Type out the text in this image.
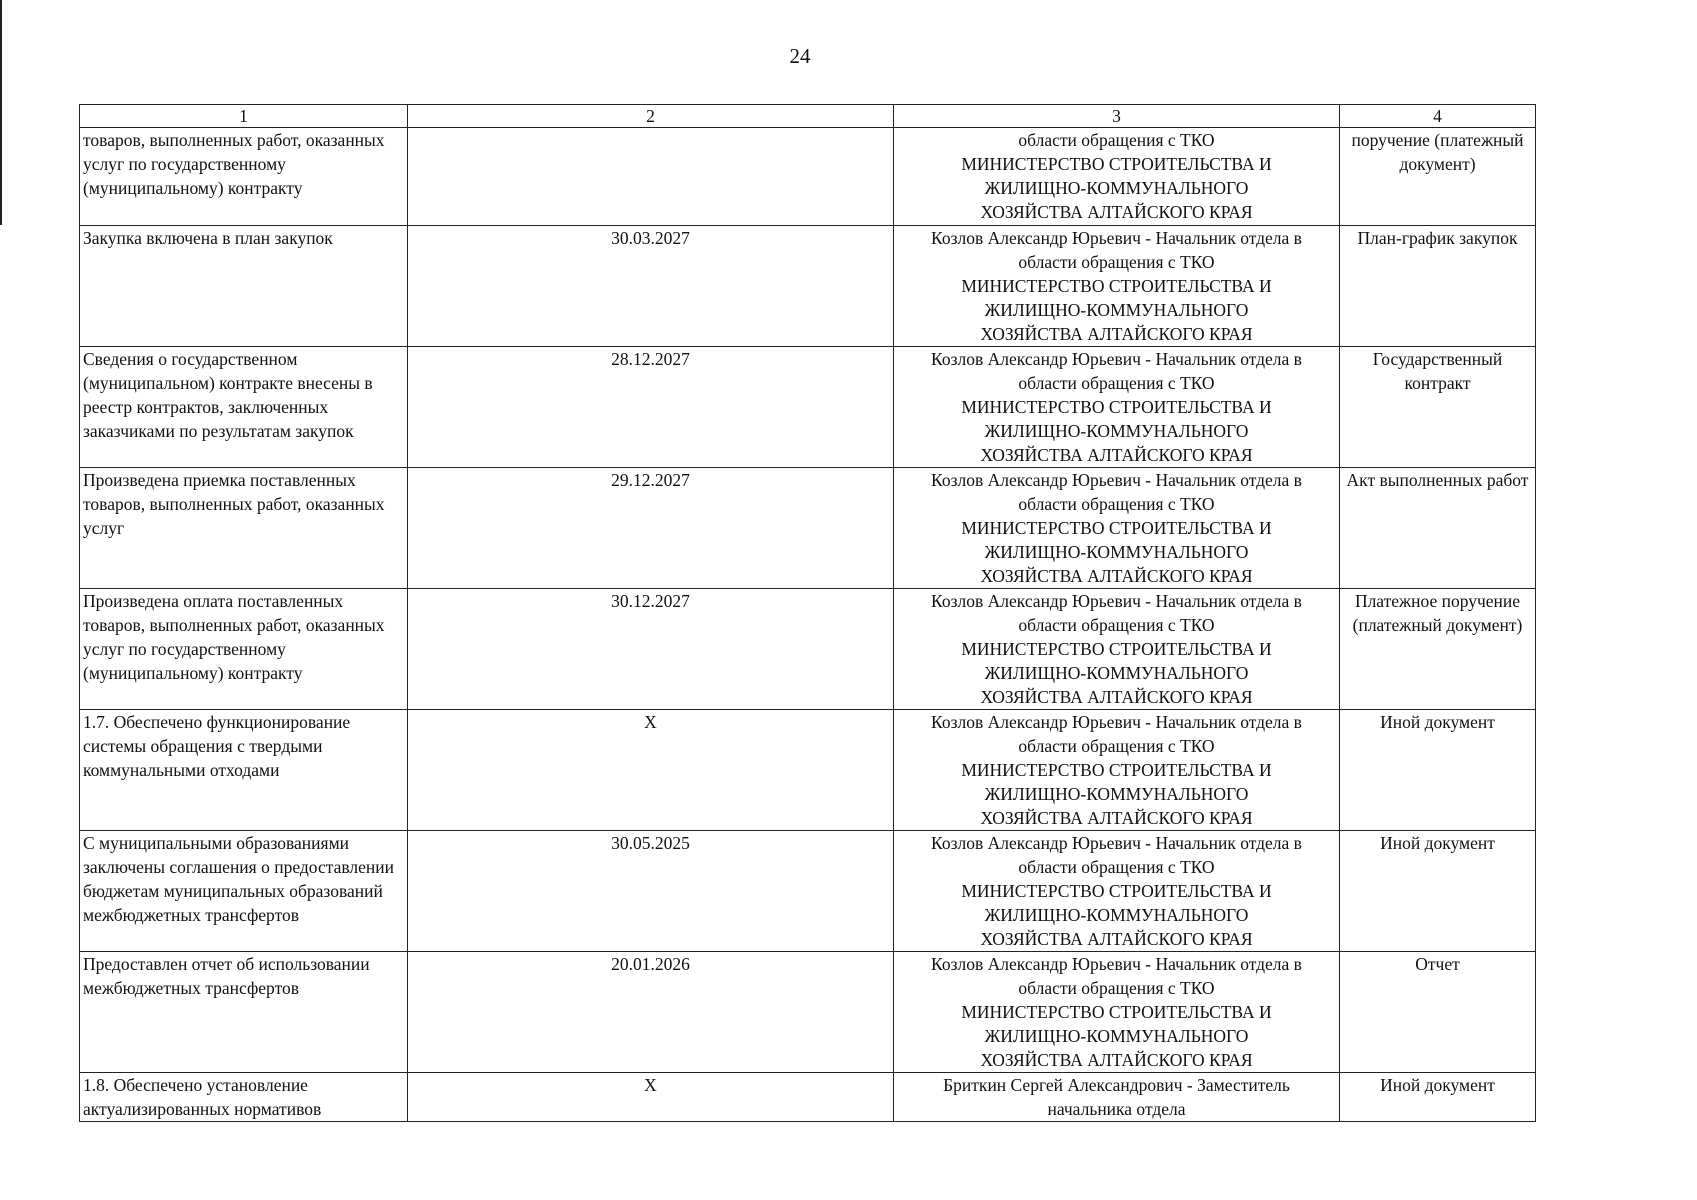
24
1	2	3	4
товаров, выполненных работ, оказанных услуг по государственному (муниципальному) контракту		области обращения с ТКО
МИНИСТЕРСТВО СТРОИТЕЛЬСТВА И
ЖИЛИЩНО-КОММУНАЛЬНОГО
ХОЗЯЙСТВА АЛТАЙСКОГО КРАЯ	поручение (платежный документ)
Закупка включена в план закупок	30.03.2027	Козлов Александр Юрьевич - Начальник отдела в
области обращения с ТКО
МИНИСТЕРСТВО СТРОИТЕЛЬСТВА И
ЖИЛИЩНО-КОММУНАЛЬНОГО
ХОЗЯЙСТВА АЛТАЙСКОГО КРАЯ	План-график закупок
Сведения о государственном (муниципальном) контракте внесены в реестр контрактов, заключенных заказчиками по результатам закупок	28.12.2027	Козлов Александр Юрьевич - Начальник отдела в
области обращения с ТКО
МИНИСТЕРСТВО СТРОИТЕЛЬСТВА И
ЖИЛИЩНО-КОММУНАЛЬНОГО
ХОЗЯЙСТВА АЛТАЙСКОГО КРАЯ	Государственный контракт
Произведена приемка поставленных товаров, выполненных работ, оказанных услуг	29.12.2027	Козлов Александр Юрьевич - Начальник отдела в
области обращения с ТКО
МИНИСТЕРСТВО СТРОИТЕЛЬСТВА И
ЖИЛИЩНО-КОММУНАЛЬНОГО
ХОЗЯЙСТВА АЛТАЙСКОГО КРАЯ	Акт выполненных работ
Произведена оплата поставленных товаров, выполненных работ, оказанных услуг по государственному (муниципальному) контракту	30.12.2027	Козлов Александр Юрьевич - Начальник отдела в
области обращения с ТКО
МИНИСТЕРСТВО СТРОИТЕЛЬСТВА И
ЖИЛИЩНО-КОММУНАЛЬНОГО
ХОЗЯЙСТВА АЛТАЙСКОГО КРАЯ	Платежное поручение (платежный документ)
1.7. Обеспечено функционирование системы обращения с твердыми коммунальными отходами	X	Козлов Александр Юрьевич - Начальник отдела в
области обращения с ТКО
МИНИСТЕРСТВО СТРОИТЕЛЬСТВА И
ЖИЛИЩНО-КОММУНАЛЬНОГО
ХОЗЯЙСТВА АЛТАЙСКОГО КРАЯ	Иной документ
С муниципальными образованиями заключены соглашения о предоставлении бюджетам муниципальных образований межбюджетных трансфертов	30.05.2025	Козлов Александр Юрьевич - Начальник отдела в
области обращения с ТКО
МИНИСТЕРСТВО СТРОИТЕЛЬСТВА И
ЖИЛИЩНО-КОММУНАЛЬНОГО
ХОЗЯЙСТВА АЛТАЙСКОГО КРАЯ	Иной документ
Предоставлен отчет об использовании межбюджетных трансфертов	20.01.2026	Козлов Александр Юрьевич - Начальник отдела в
области обращения с ТКО
МИНИСТЕРСТВО СТРОИТЕЛЬСТВА И
ЖИЛИЩНО-КОММУНАЛЬНОГО
ХОЗЯЙСТВА АЛТАЙСКОГО КРАЯ	Отчет
1.8. Обеспечено установление актуализированных нормативов	X	Бриткин Сергей Александрович - Заместитель
начальника отдела	Иной документ
